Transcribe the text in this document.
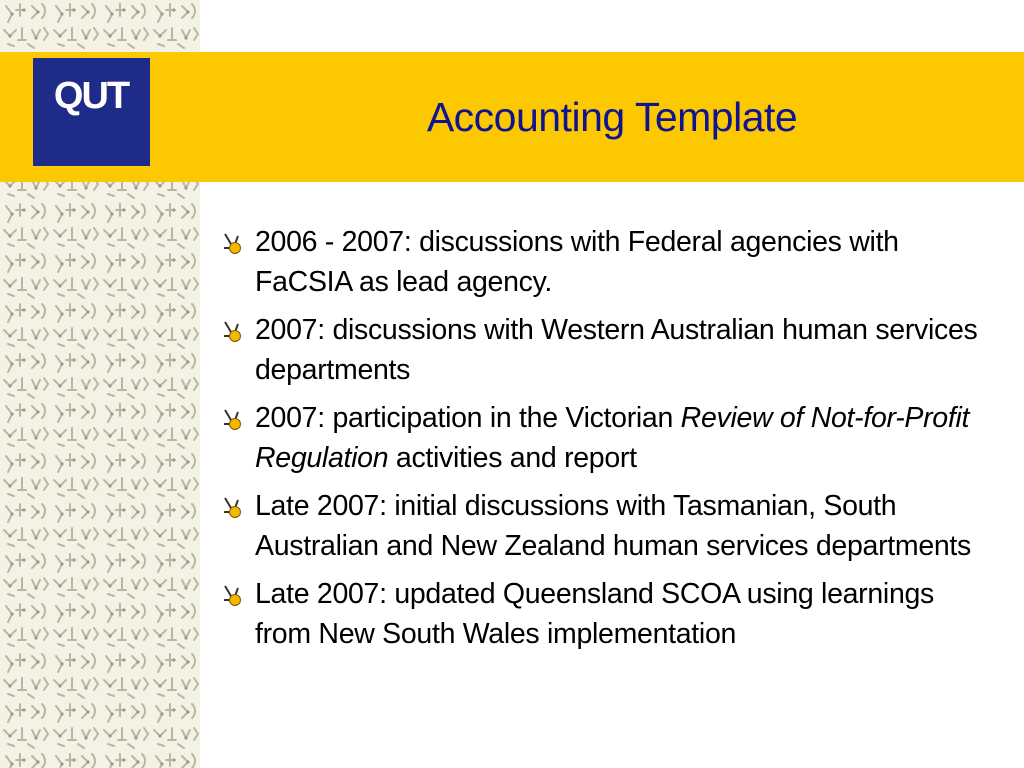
QUT	Accounting Template
2006 - 2007: discussions with Federal agencies with FaCSIA as lead agency.
2007: discussions with Western Australian human services departments
2007: participation in the Victorian Review of Not-for-Profit Regulation activities and report
Late 2007: initial discussions with Tasmanian, South Australian and New Zealand human services departments
Late 2007: updated Queensland SCOA using learnings from New South Wales implementation
